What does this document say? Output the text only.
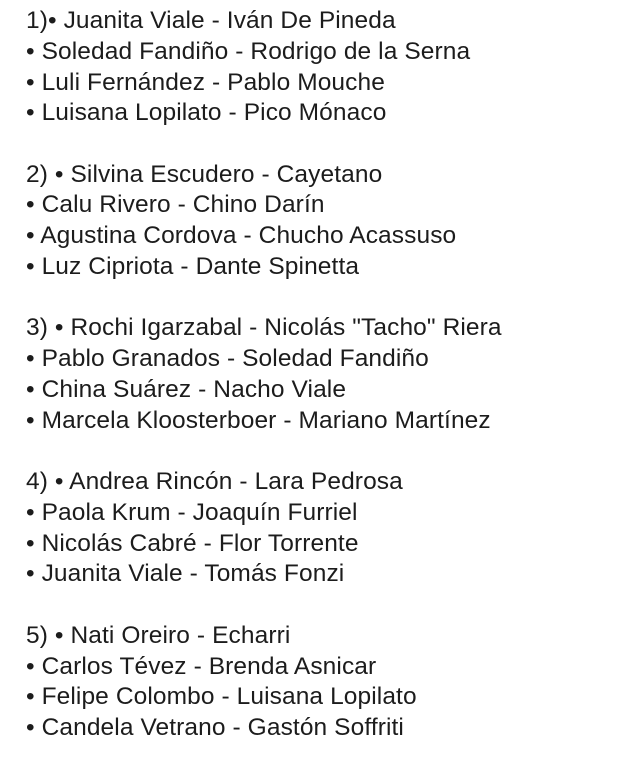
1)• Juanita Viale - Iván De Pineda
• Soledad Fandiño - Rodrigo de la Serna
• Luli Fernández - Pablo Mouche
• Luisana Lopilato - Pico Mónaco
2) • Silvina Escudero - Cayetano
• Calu Rivero - Chino Darín
• Agustina Cordova - Chucho Acassuso
• Luz Cipriota - Dante Spinetta
3) • Rochi Igarzabal - Nicolás "Tacho" Riera
• Pablo Granados - Soledad Fandiño
• China Suárez - Nacho Viale
• Marcela Kloosterboer - Mariano Martínez
4) • Andrea Rincón - Lara Pedrosa
• Paola Krum - Joaquín Furriel
• Nicolás Cabré - Flor Torrente
• Juanita Viale - Tomás Fonzi
5) • Nati Oreiro - Echarri
• Carlos Tévez - Brenda Asnicar
• Felipe Colombo - Luisana Lopilato
• Candela Vetrano - Gastón Soffriti
